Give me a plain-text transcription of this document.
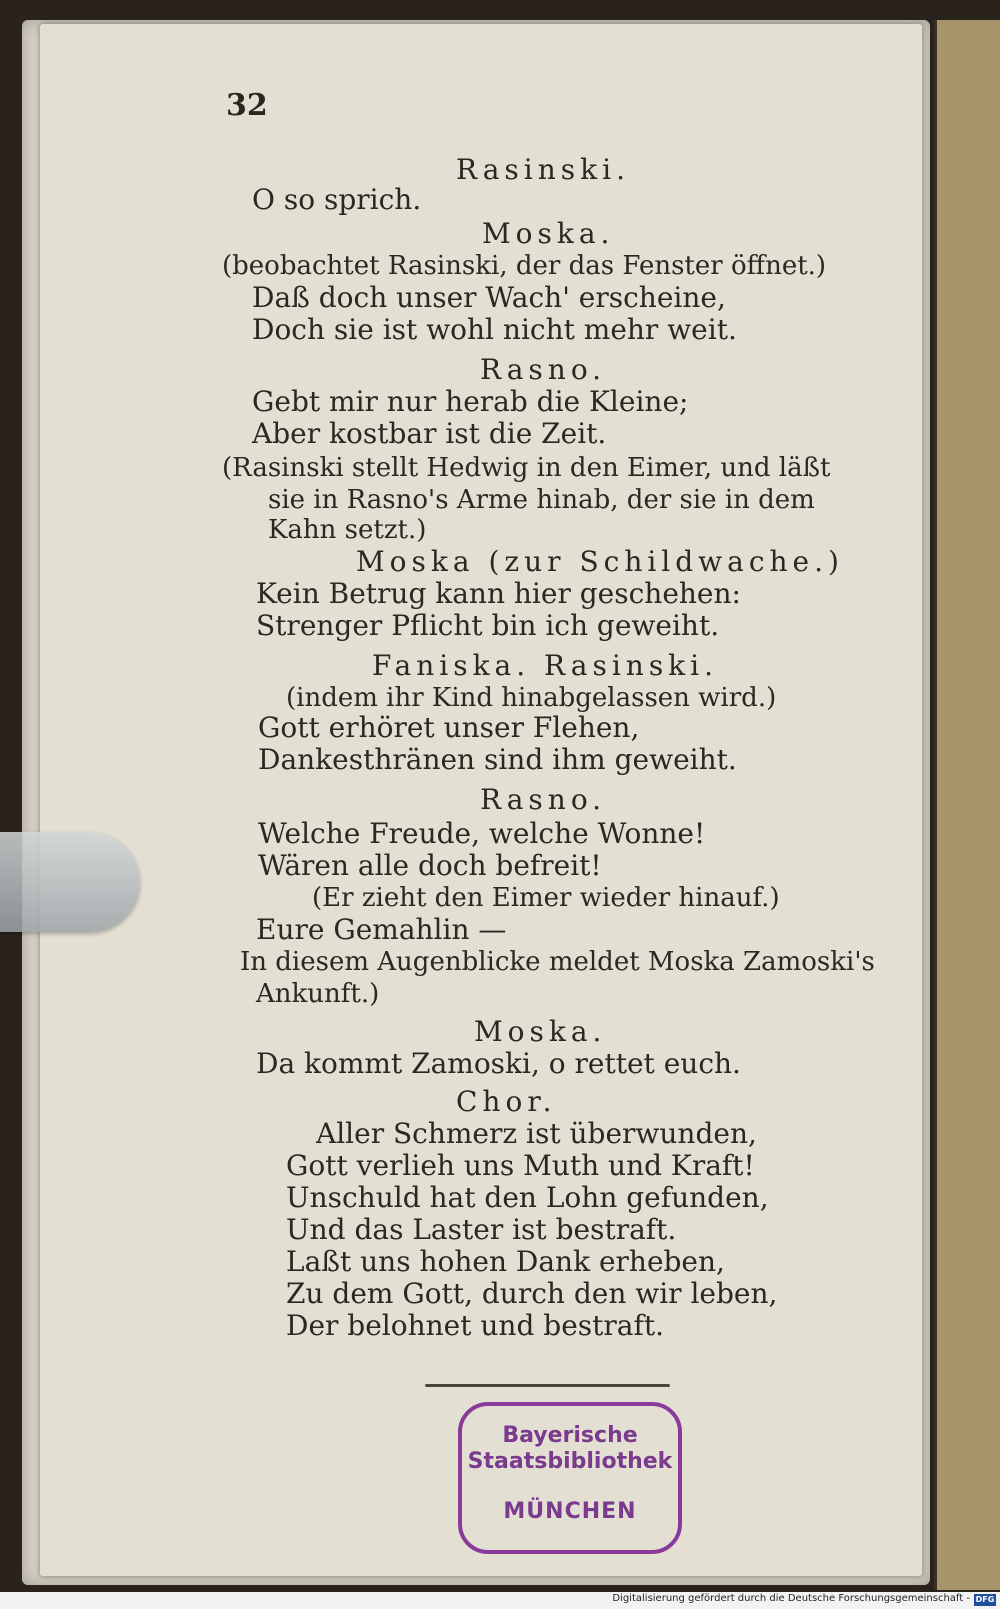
32
Rasinski.
O so sprich.
Moska.
(beobachtet Rasinski, der das Fenster öffnet.)
Daß doch unser Wach' erscheine,
Doch sie ist wohl nicht mehr weit.
Rasno.
Gebt mir nur herab die Kleine;
Aber kostbar ist die Zeit.
(Rasinski stellt Hedwig in den Eimer, und läßt
sie in Rasno's Arme hinab, der sie in dem
Kahn setzt.)
Moska (zur Schildwache.)
Kein Betrug kann hier geschehen:
Strenger Pflicht bin ich geweiht.
Faniska. Rasinski.
(indem ihr Kind hinabgelassen wird.)
Gott erhöret unser Flehen,
Dankesthränen sind ihm geweiht.
Rasno.
Welche Freude, welche Wonne!
Wären alle doch befreit!
(Er zieht den Eimer wieder hinauf.)
Eure Gemahlin —
In diesem Augenblicke meldet Moska Zamoski's
Ankunft.)
Moska.
Da kommt Zamoski, o rettet euch.
Chor.
Aller Schmerz ist überwunden,
Gott verlieh uns Muth und Kraft!
Unschuld hat den Lohn gefunden,
Und das Laster ist bestraft.
Laßt uns hohen Dank erheben,
Zu dem Gott, durch den wir leben,
Der belohnet und bestraft.
Bayerische
Staatsbibliothek
MÜNCHEN
Digitalisierung gefördert durch die Deutsche Forschungsgemeinschaft - DFG
